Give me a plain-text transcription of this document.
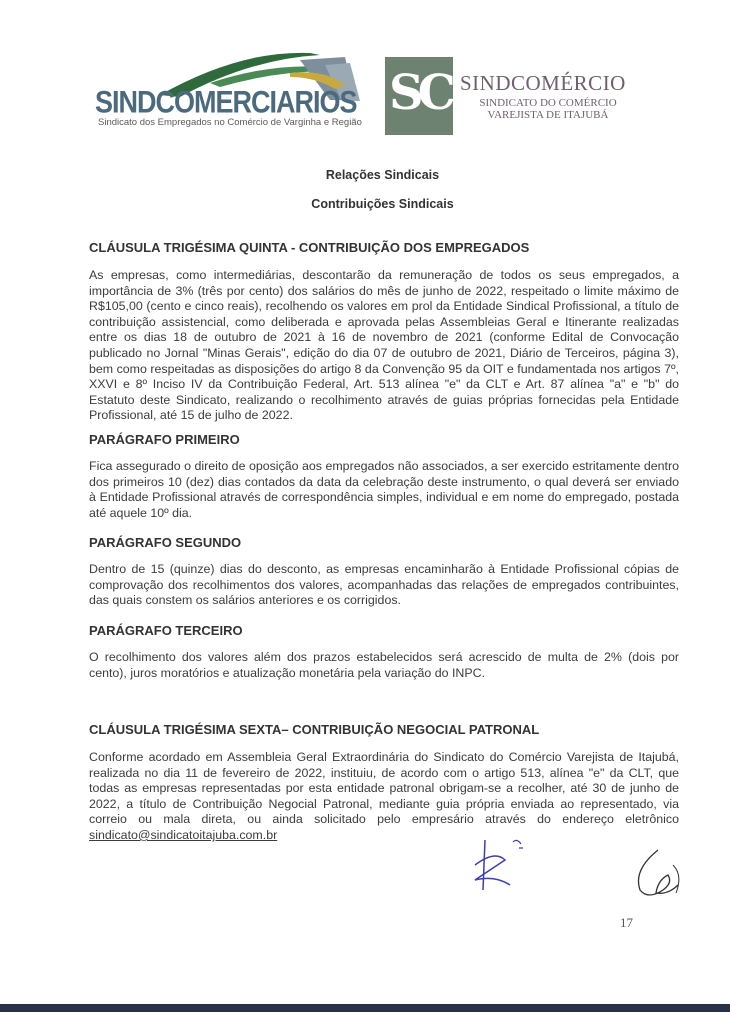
SINDCOMERCIARIOS
Sindicato dos Empregados no Comércio de Varginha e Região
SC SINDCOMÉRCIO
SINDICATO DO COMÉRCIO
VAREJISTA DE ITAJUBÁ
Relações Sindicais
Contribuições Sindicais
CLÁUSULA TRIGÉSIMA QUINTA - CONTRIBUIÇÃO DOS EMPREGADOS

As empresas, como intermediárias, descontarão da remuneração de todos os seus empregados, a importância de 3% (três por cento) dos salários do mês de junho de 2022, respeitado o limite máximo de R$105,00 (cento e cinco reais), recolhendo os valores em prol da Entidade Sindical Profissional, a título de contribuição assistencial, como deliberada e aprovada pelas Assembleias Geral e Itinerante realizadas entre os dias 18 de outubro de 2021 à 16 de novembro de 2021 (conforme Edital de Convocação publicado no Jornal "Minas Gerais", edição do dia 07 de outubro de 2021, Diário de Terceiros, página 3), bem como respeitadas as disposições do artigo 8 da Convenção 95 da OIT e fundamentada nos artigos 7º, XXVI e 8º Inciso IV da Contribuição Federal, Art. 513 alínea "e" da CLT e Art. 87 alínea "a" e "b" do Estatuto deste Sindicato, realizando o recolhimento através de guias próprias fornecidas pela Entidade Profissional, até 15 de julho de 2022.

PARÁGRAFO PRIMEIRO

Fica assegurado o direito de oposição aos empregados não associados, a ser exercido estritamente dentro dos primeiros 10 (dez) dias contados da data da celebração deste instrumento, o qual deverá ser enviado à Entidade Profissional através de correspondência simples, individual e em nome do empregado, postada até aquele 10º dia.

PARÁGRAFO SEGUNDO

Dentro de 15 (quinze) dias do desconto, as empresas encaminharão à Entidade Profissional cópias de comprovação dos recolhimentos dos valores, acompanhadas das relações de empregados contribuintes, das quais constem os salários anteriores e os corrigidos.

PARÁGRAFO TERCEIRO

O recolhimento dos valores além dos prazos estabelecidos será acrescido de multa de 2% (dois por cento), juros moratórios e atualização monetária pela variação do INPC.

CLÁUSULA TRIGÉSIMA SEXTA– CONTRIBUIÇÃO NEGOCIAL PATRONAL

Conforme acordado em Assembleia Geral Extraordinária do Sindicato do Comércio Varejista de Itajubá, realizada no dia 11 de fevereiro de 2022, instituiu, de acordo com o artigo 513, alínea "e" da CLT, que todas as empresas representadas por esta entidade patronal obrigam-se a recolher, até 30 de junho de 2022, a título de Contribuição Negocial Patronal, mediante guia própria enviada ao representado, via correio ou mala direta, ou ainda solicitado pelo empresário através do endereço eletrônico sindicato@sindicatoitajuba.com.br

17
